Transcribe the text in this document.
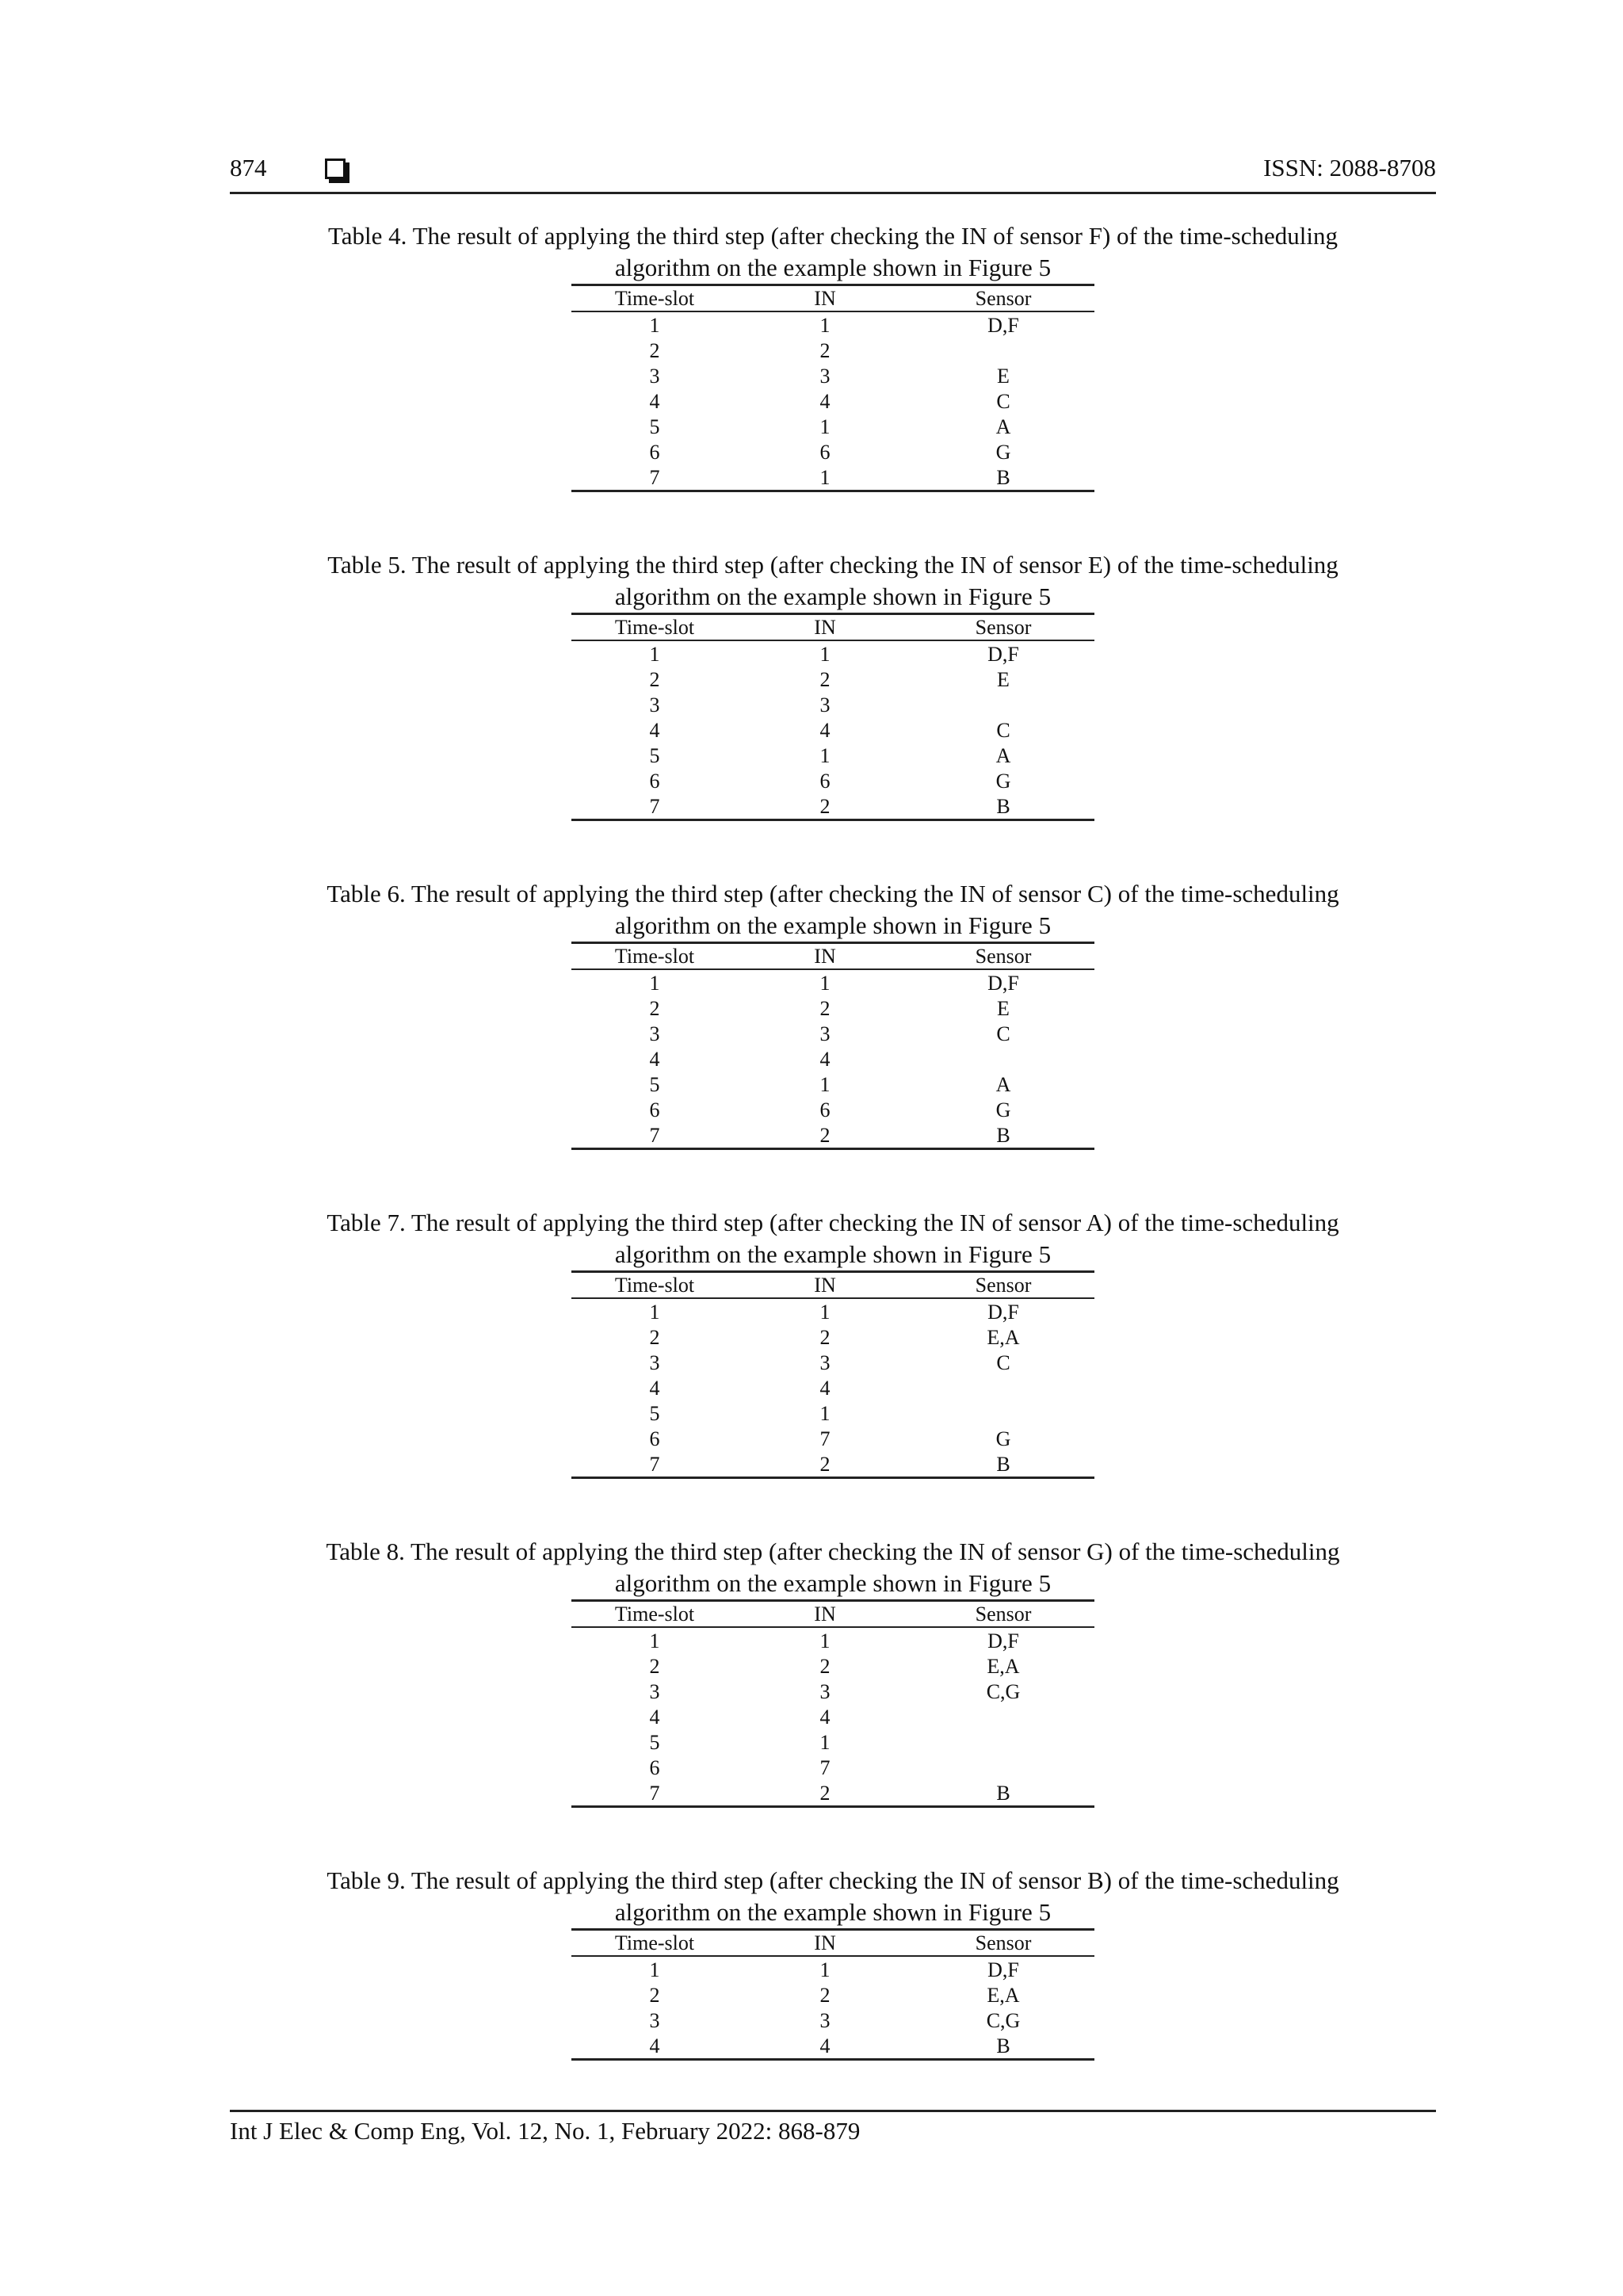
874	ISSN: 2088-8708
Table 4. The result of applying the third step (after checking the IN of sensor F) of the time-scheduling
algorithm on the example shown in Figure 5
Time-slot	IN	Sensor
1	1	D,F
2	2	
3	3	E
4	4	C
5	1	A
6	6	G
7	1	B
Table 5. The result of applying the third step (after checking the IN of sensor E) of the time-scheduling
algorithm on the example shown in Figure 5
Time-slot	IN	Sensor
1	1	D,F
2	2	E
3	3	
4	4	C
5	1	A
6	6	G
7	2	B
Table 6. The result of applying the third step (after checking the IN of sensor C) of the time-scheduling
algorithm on the example shown in Figure 5
Time-slot	IN	Sensor
1	1	D,F
2	2	E
3	3	C
4	4	
5	1	A
6	6	G
7	2	B
Table 7. The result of applying the third step (after checking the IN of sensor A) of the time-scheduling
algorithm on the example shown in Figure 5
Time-slot	IN	Sensor
1	1	D,F
2	2	E,A
3	3	C
4	4	
5	1	
6	7	G
7	2	B
Table 8. The result of applying the third step (after checking the IN of sensor G) of the time-scheduling
algorithm on the example shown in Figure 5
Time-slot	IN	Sensor
1	1	D,F
2	2	E,A
3	3	C,G
4	4	
5	1	
6	7	
7	2	B
Table 9. The result of applying the third step (after checking the IN of sensor B) of the time-scheduling
algorithm on the example shown in Figure 5
Time-slot	IN	Sensor
1	1	D,F
2	2	E,A
3	3	C,G
4	4	B
Int J Elec & Comp Eng, Vol. 12, No. 1, February 2022: 868-879
